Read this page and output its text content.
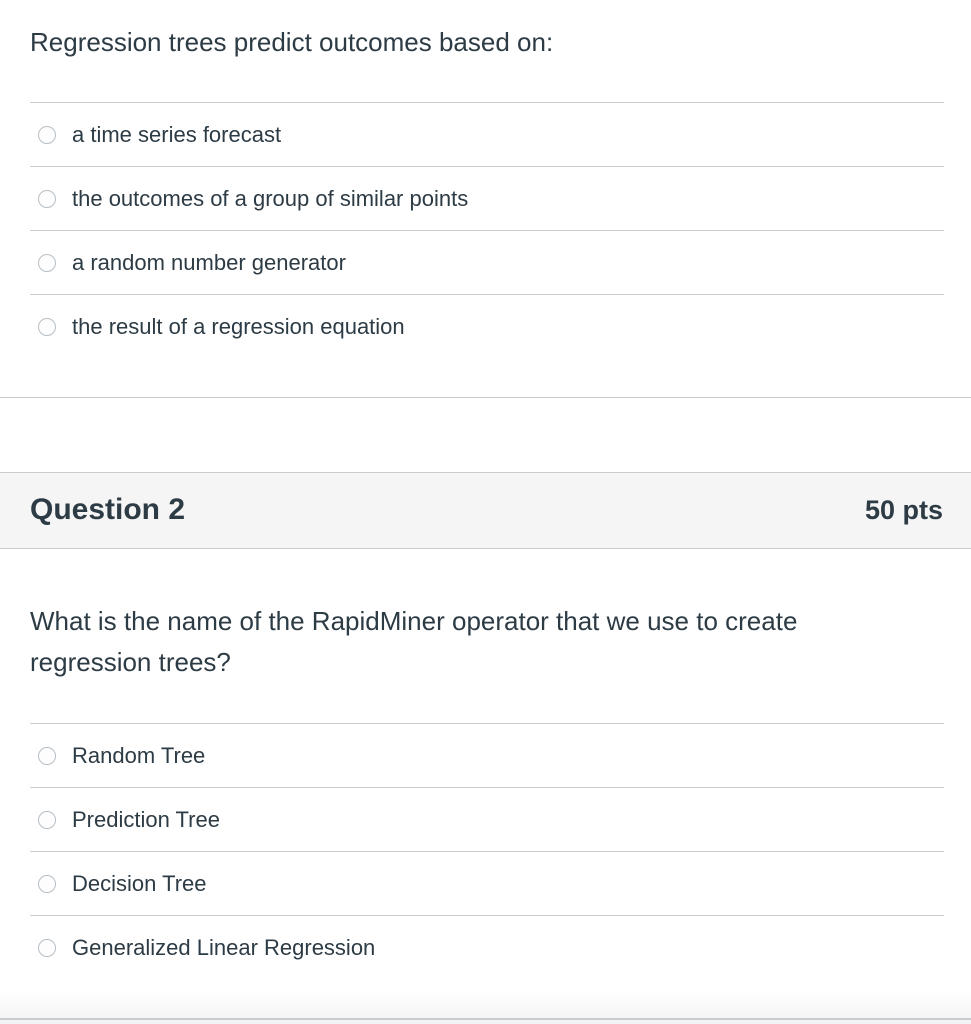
Regression trees predict outcomes based on:
a time series forecast
the outcomes of a group of similar points
a random number generator
the result of a regression equation
Question 2	50 pts
What is the name of the RapidMiner operator that we use to create regression trees?
Random Tree
Prediction Tree
Decision Tree
Generalized Linear Regression
